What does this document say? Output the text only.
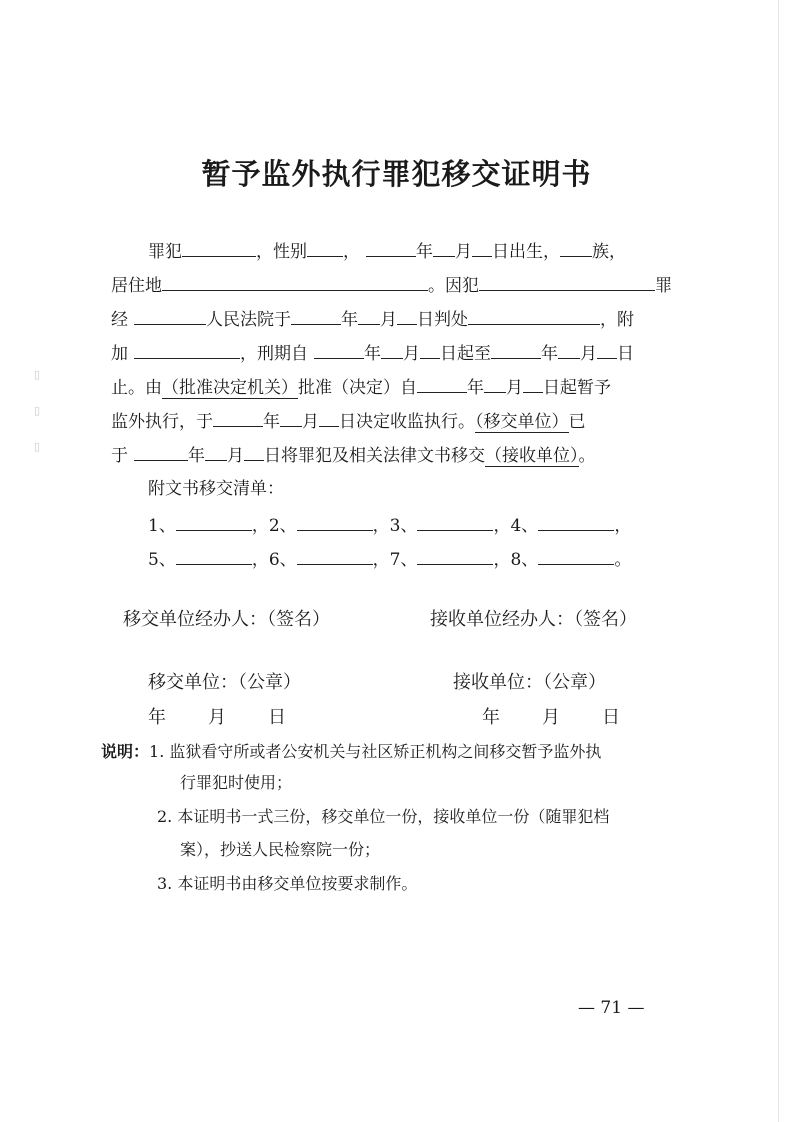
▯
▯
▯
暂予监外执行罪犯移交证明书
罪犯	，性别 ，	年 月 日出生， 族，
居住地	。因犯	罪
经	人民法院于	年 月 日判处	，附
加	，刑期自	年 月 日起至	年 月 日
止。由（批准决定机关）批准（决定）自	年 月 日起暂予
监外执行，于	年 月 日决定收监执行。（移交单位）已
于	年 月 日将罪犯及相关法律文书移交（接收单位）。
附文书移交清单：
1、	，2、	，3、	，4、	，
5、	，6、	，7、	，8、	。
移交单位经办人：（签名）	接收单位经办人：（签名）
移交单位：（公章）	接收单位：（公章）
年 月 日	年 月 日
说明：1. 监狱看守所或者公安机关与社区矫正机构之间移交暂予监外执
行罪犯时使用；
2. 本证明书一式三份，移交单位一份，接收单位一份（随罪犯档
案），抄送人民检察院一份；
3. 本证明书由移交单位按要求制作。
— 71 —
